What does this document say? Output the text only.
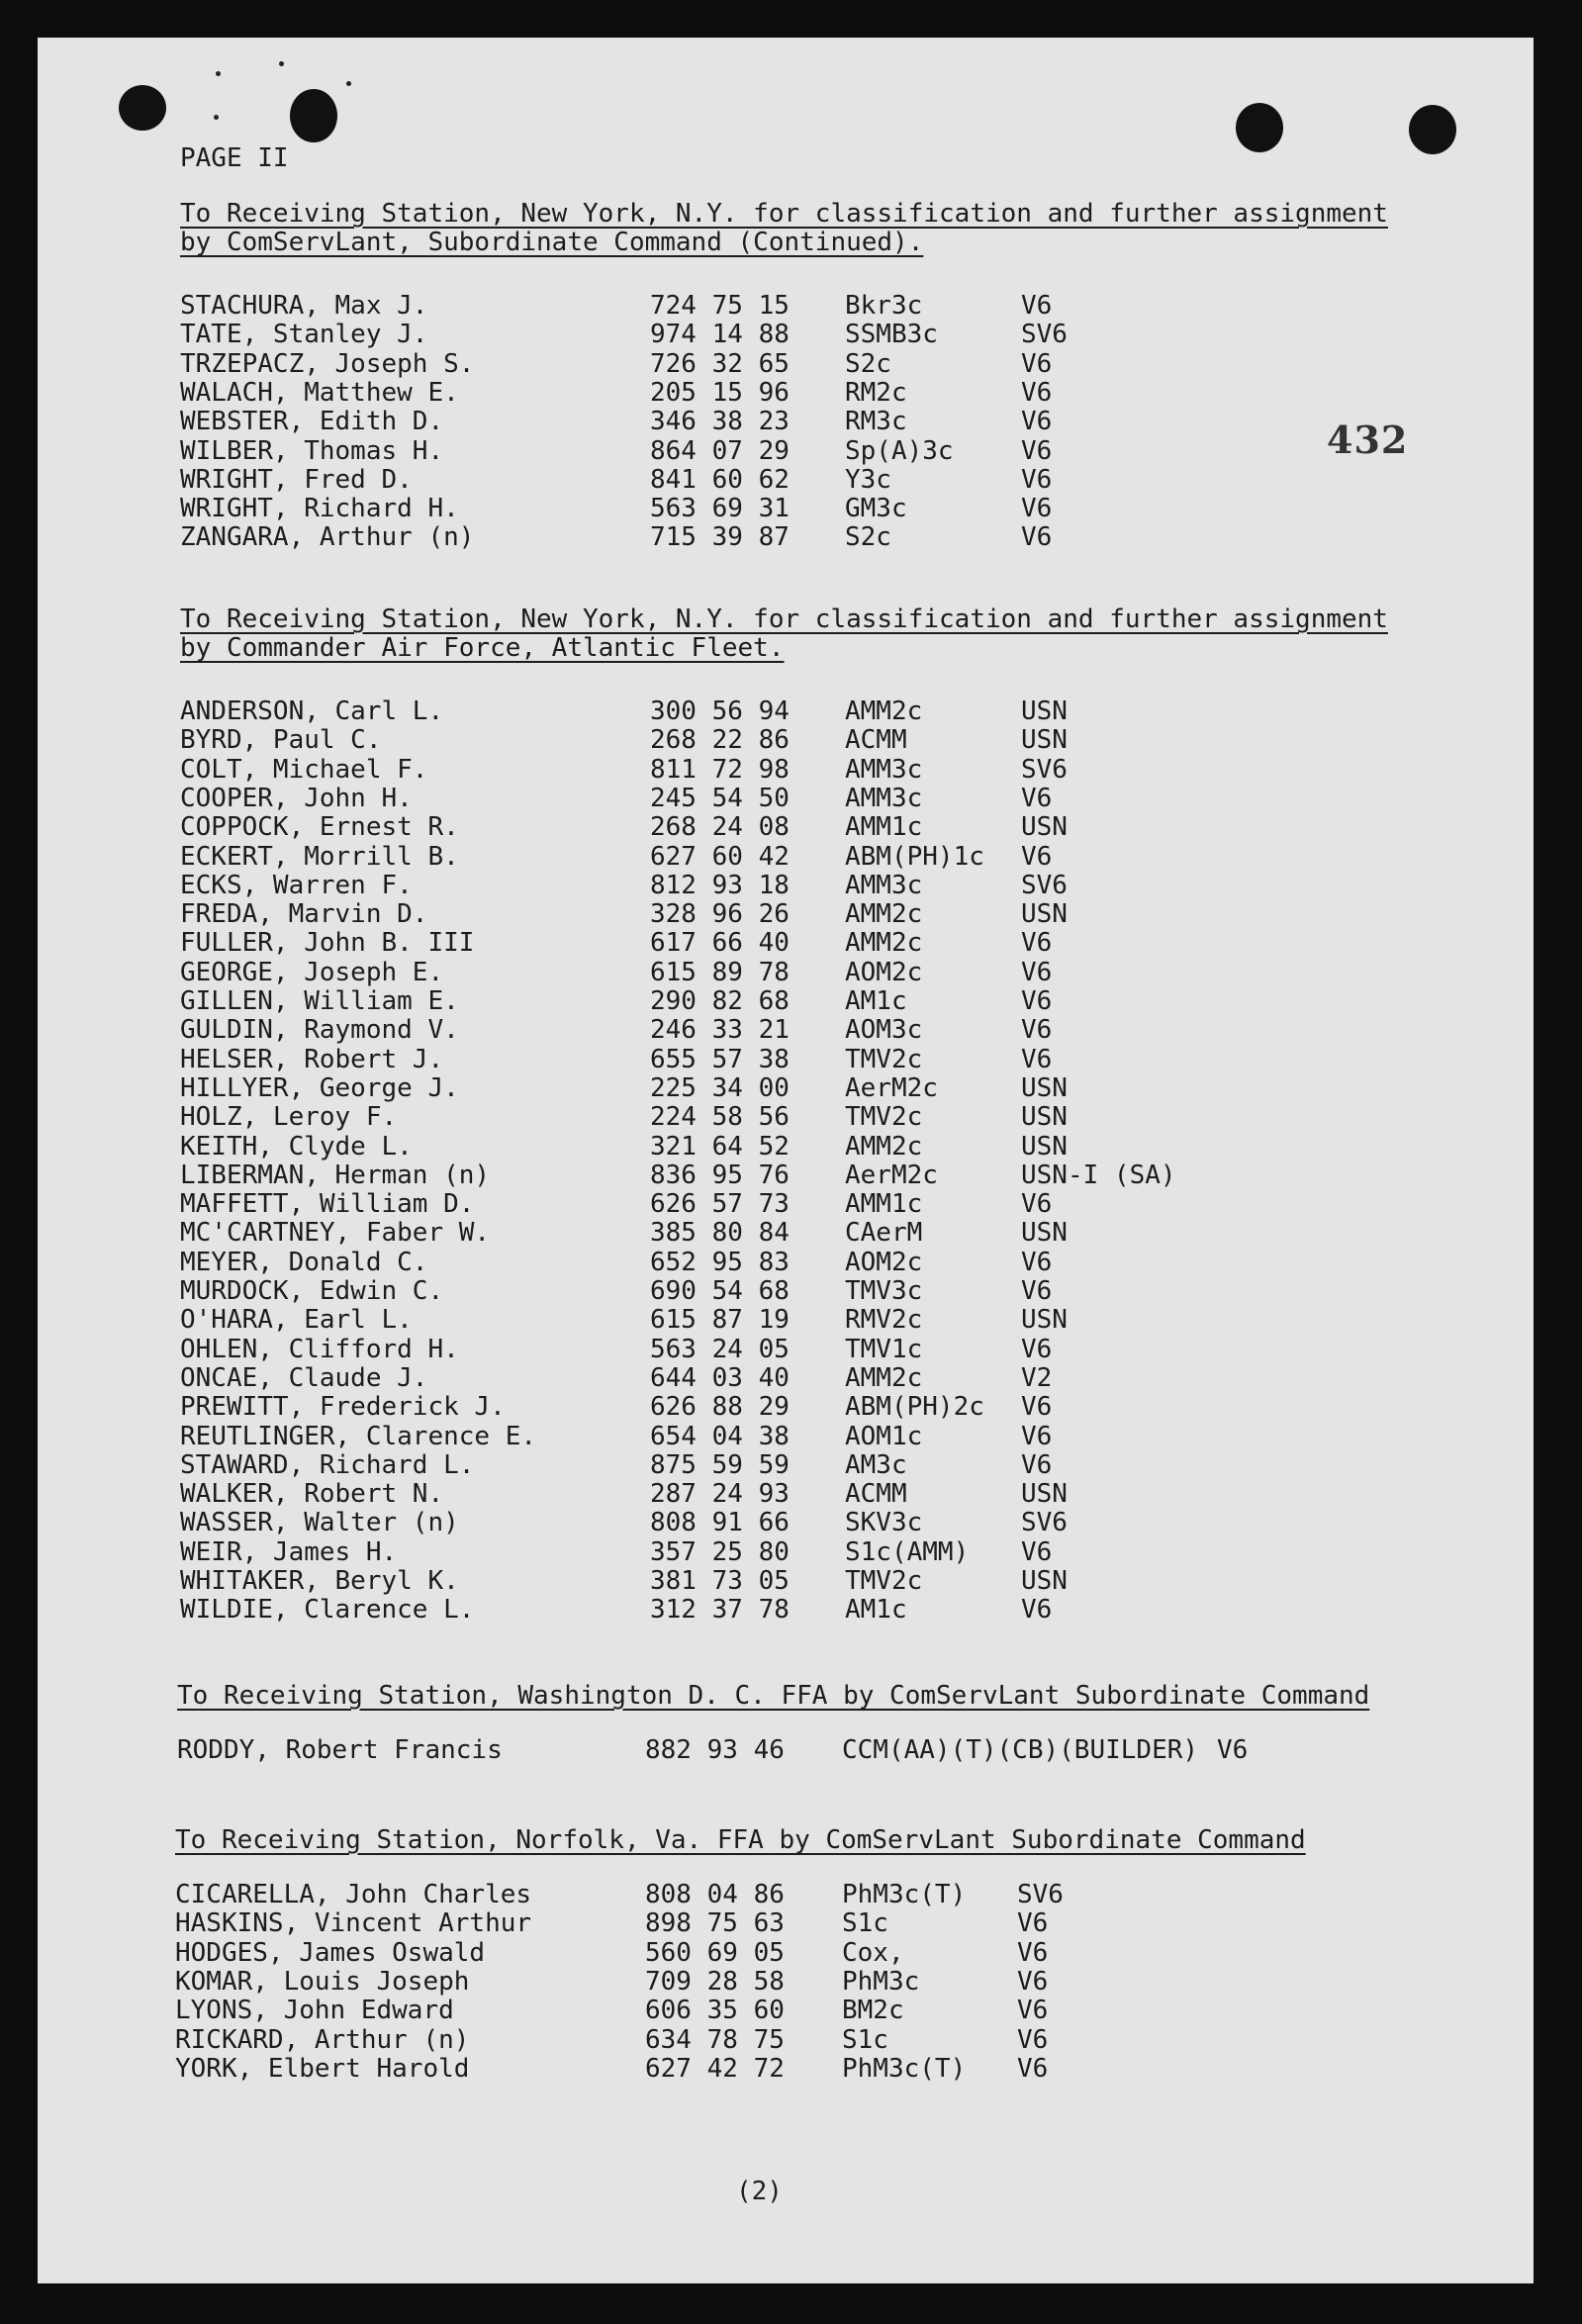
PAGE II
432
To Receiving Station, New York, N.Y. for classification and further assignment
by ComServLant, Subordinate Command (Continued).
STACHURA, Max J.	724 75 15 Bkr3c	V6
TATE, Stanley J.	974 14 88 SSMB3c	SV6
TRZEPACZ, Joseph S.	726 32 65 S2c	V6
WALACH, Matthew E.	205 15 96 RM2c	V6
WEBSTER, Edith D.	346 38 23 RM3c	V6
WILBER, Thomas H.	864 07 29 Sp(A)3c	V6
WRIGHT, Fred D.	841 60 62 Y3c	V6
WRIGHT, Richard H.	563 69 31 GM3c	V6
ZANGARA, Arthur (n)	715 39 87 S2c	V6
To Receiving Station, New York, N.Y. for classification and further assignment
by Commander Air Force, Atlantic Fleet.
ANDERSON, Carl L.	300 56 94 AMM2c	USN
BYRD, Paul C.	268 22 86 ACMM	USN
COLT, Michael F.	811 72 98 AMM3c	SV6
COOPER, John H.	245 54 50 AMM3c	V6
COPPOCK, Ernest R.	268 24 08 AMM1c	USN
ECKERT, Morrill B.	627 60 42 ABM(PH)1c V6
ECKS, Warren F.	812 93 18 AMM3c	SV6
FREDA, Marvin D.	328 96 26 AMM2c	USN
FULLER, John B. III	617 66 40 AMM2c	V6
GEORGE, Joseph E.	615 89 78 AOM2c	V6
GILLEN, William E.	290 82 68 AM1c	V6
GULDIN, Raymond V.	246 33 21 AOM3c	V6
HELSER, Robert J.	655 57 38 TMV2c	V6
HILLYER, George J.	225 34 00 AerM2c	USN
HOLZ, Leroy F.	224 58 56 TMV2c	USN
KEITH, Clyde L.	321 64 52 AMM2c	USN
LIBERMAN, Herman (n)	836 95 76 AerM2c	USN-I (SA)
MAFFETT, William D.	626 57 73 AMM1c	V6
MC'CARTNEY, Faber W.	385 80 84 CAerM	USN
MEYER, Donald C.	652 95 83 AOM2c	V6
MURDOCK, Edwin C.	690 54 68 TMV3c	V6
O'HARA, Earl L.	615 87 19 RMV2c	USN
OHLEN, Clifford H.	563 24 05 TMV1c	V6
ONCAE, Claude J.	644 03 40 AMM2c	V2
PREWITT, Frederick J.	626 88 29 ABM(PH)2c V6
REUTLINGER, Clarence E.	654 04 38 AOM1c	V6
STAWARD, Richard L.	875 59 59 AM3c	V6
WALKER, Robert N.	287 24 93 ACMM	USN
WASSER, Walter (n)	808 91 66 SKV3c	SV6
WEIR, James H.	357 25 80 S1c(AMM) V6
WHITAKER, Beryl K.	381 73 05 TMV2c	USN
WILDIE, Clarence L.	312 37 78 AM1c	V6
To Receiving Station, Washington D. C. FFA by ComServLant Subordinate Command
RODDY, Robert Francis	882 93 46 CCM(AA)(T)(CB)(BUILDER) V6
To Receiving Station, Norfolk, Va. FFA by ComServLant Subordinate Command
CICARELLA, John Charles	808 04 86 PhM3c(T) SV6
HASKINS, Vincent Arthur	898 75 63 S1c	V6
HODGES, James Oswald	560 69 05 Cox,	V6
KOMAR, Louis Joseph	709 28 58 PhM3c	V6
LYONS, John Edward	606 35 60 BM2c	V6
RICKARD, Arthur (n)	634 78 75 S1c	V6
YORK, Elbert Harold	627 42 72 PhM3c(T) V6
(2)
